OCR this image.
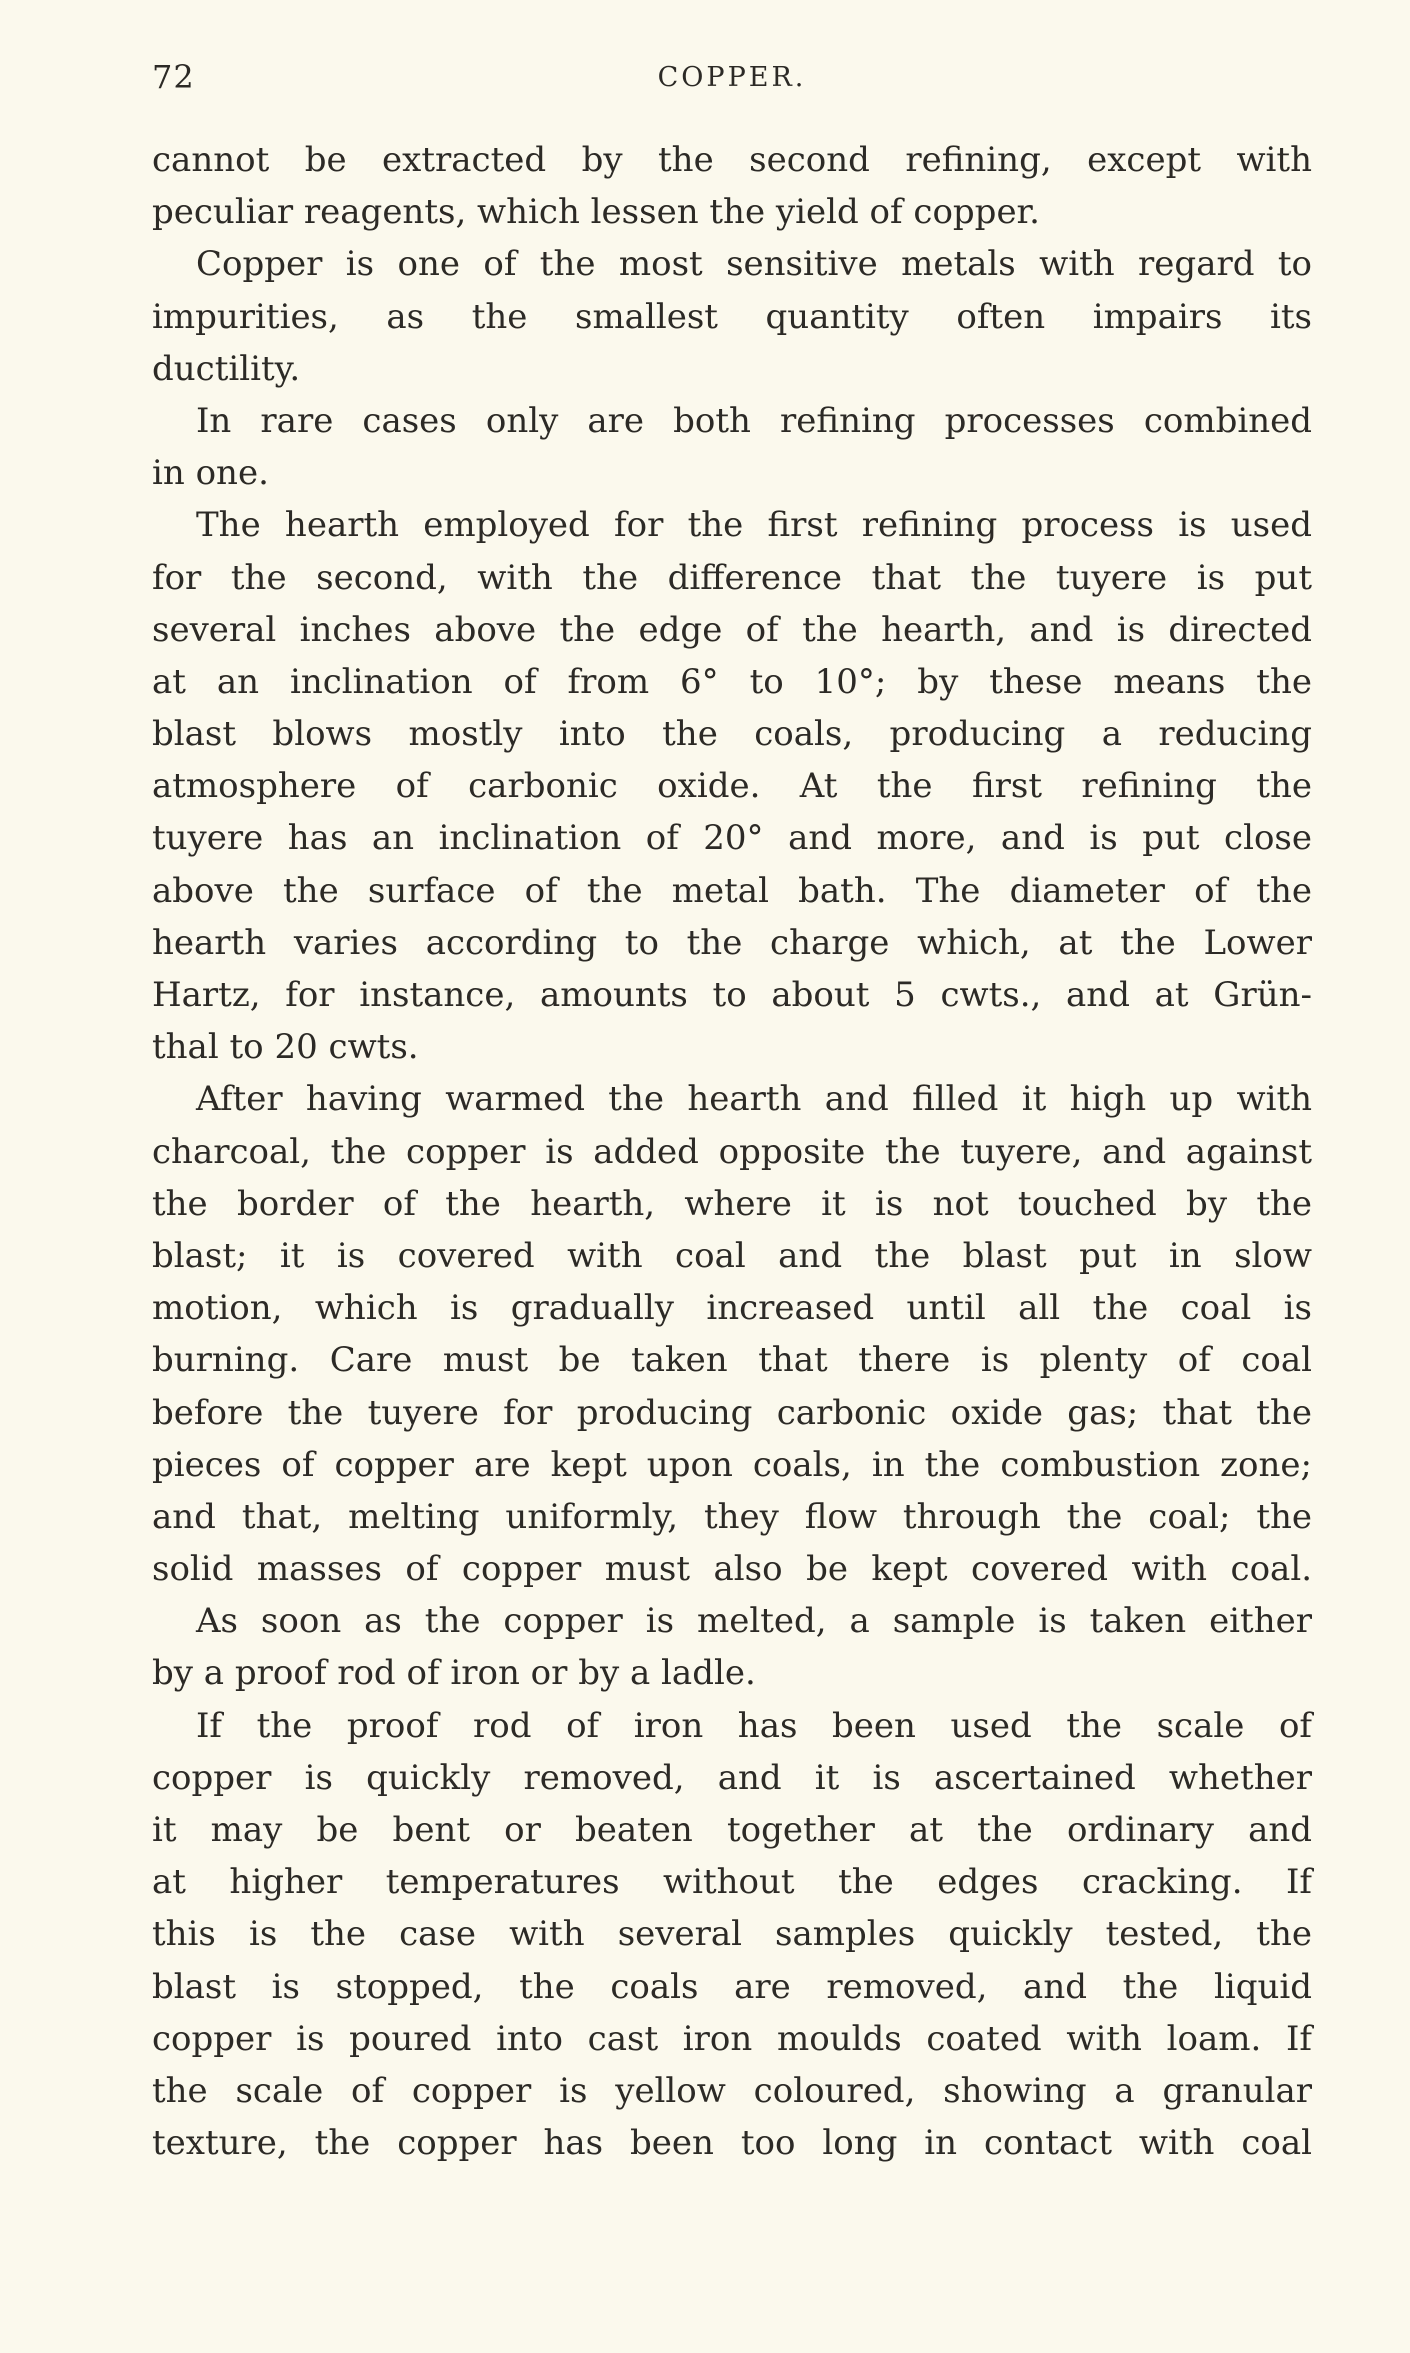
72	COPPER.
cannot be extracted by the second refining, except with
peculiar reagents, which lessen the yield of copper.
Copper is one of the most sensitive metals with regard to
impurities, as the smallest quantity often impairs its
ductility.
In rare cases only are both refining processes combined
in one.
The hearth employed for the first refining process is used
for the second, with the difference that the tuyere is put
several inches above the edge of the hearth, and is directed
at an inclination of from 6° to 10°; by these means the
blast blows mostly into the coals, producing a reducing
atmosphere of carbonic oxide. At the first refining the
tuyere has an inclination of 20° and more, and is put close
above the surface of the metal bath. The diameter of the
hearth varies according to the charge which, at the Lower
Hartz, for instance, amounts to about 5 cwts., and at Grün-
thal to 20 cwts.
After having warmed the hearth and filled it high up with
charcoal, the copper is added opposite the tuyere, and against
the border of the hearth, where it is not touched by the
blast; it is covered with coal and the blast put in slow
motion, which is gradually increased until all the coal is
burning. Care must be taken that there is plenty of coal
before the tuyere for producing carbonic oxide gas; that the
pieces of copper are kept upon coals, in the combustion zone;
and that, melting uniformly, they flow through the coal; the
solid masses of copper must also be kept covered with coal.
As soon as the copper is melted, a sample is taken either
by a proof rod of iron or by a ladle.
If the proof rod of iron has been used the scale of
copper is quickly removed, and it is ascertained whether
it may be bent or beaten together at the ordinary and
at higher temperatures without the edges cracking. If
this is the case with several samples quickly tested, the
blast is stopped, the coals are removed, and the liquid
copper is poured into cast iron moulds coated with loam. If
the scale of copper is yellow coloured, showing a granular
texture, the copper has been too long in contact with coal
